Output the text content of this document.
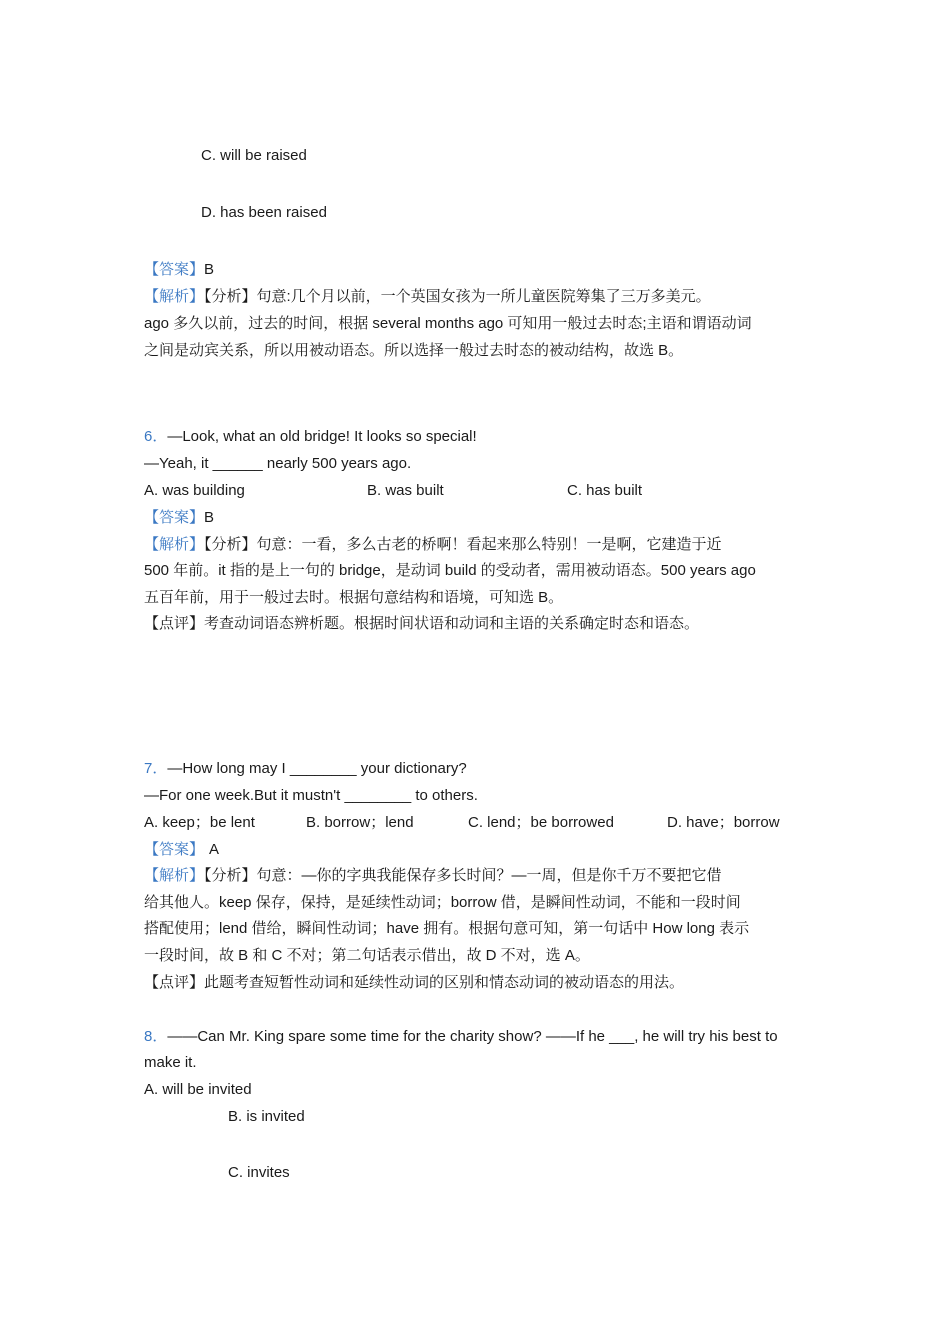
C. will be raised
D. has been raised
【答案】B
【解析】【分析】句意:几个月以前，一个英国女孩为一所儿童医院筹集了三万多美元。
ago 多久以前，过去的时间，根据 several months ago 可知用一般过去时态;主语和谓语动词
之间是动宾关系，所以用被动语态。所以选择一般过去时态的被动结构，故选 B。
6．—Look, what an old bridge! It looks so special!
—Yeah, it ______ nearly 500 years ago.
A. was building	B. was built	C. has built
【答案】B
【解析】【分析】句意：一看，多么古老的桥啊！看起来那么特别！一是啊，它建造于近
500 年前。it 指的是上一句的 bridge，是动词 build 的受动者，需用被动语态。500 years ago
五百年前，用于一般过去时。根据句意结构和语境，可知选 B。
【点评】考查动词语态辨析题。根据时间状语和动词和主语的关系确定时态和语态。
7．—How long may I ________ your dictionary?
—For one week.But it mustn't ________ to others.
A. keep；be lent	B. borrow；lend	C. lend；be borrowed	D. have；borrow
【答案】 A
【解析】【分析】句意：—你的字典我能保存多长时间？—一周，但是你千万不要把它借
给其他人。keep 保存，保持，是延续性动词；borrow 借，是瞬间性动词，不能和一段时间
搭配使用；lend 借给，瞬间性动词；have 拥有。根据句意可知，第一句话中 How long 表示
一段时间，故 B 和 C 不对；第二句话表示借出，故 D 不对，选 A。
【点评】此题考查短暂性动词和延续性动词的区别和情态动词的被动语态的用法。
8．——Can Mr. King spare some time for the charity show? ——If he ___, he will try his best to
make it.
A. will be invited
B. is invited
C. invites
